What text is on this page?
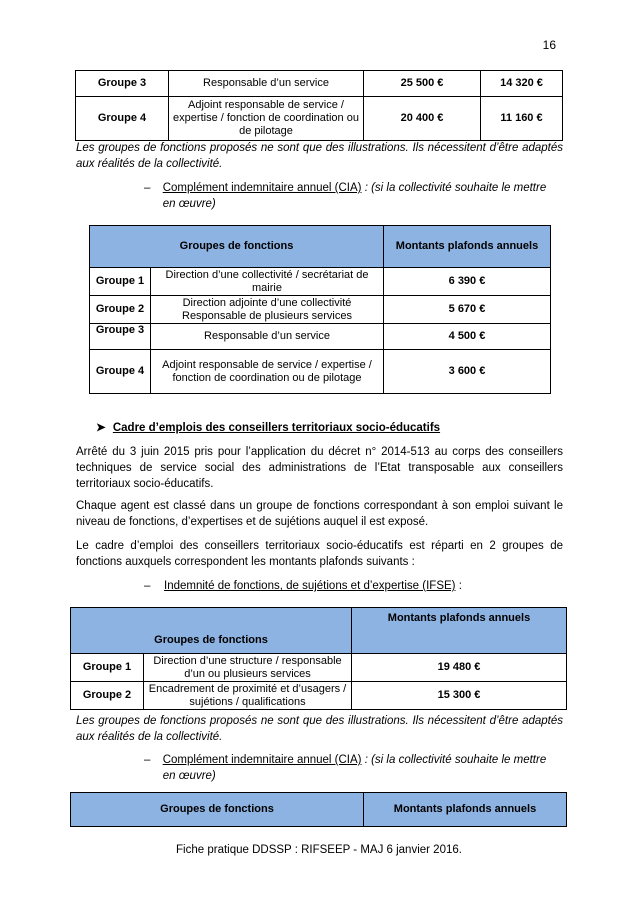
16
Groupe 3	Responsable d’un service	25 500 €	14 320 €
Groupe 4	Adjoint responsable de service / expertise / fonction de coordination ou de pilotage	20 400 €	11 160 €
Les groupes de fonctions proposés ne sont que des illustrations. Ils nécessitent d’être adaptés aux réalités de la collectivité.
–	Complément indemnitaire annuel (CIA) : (si la collectivité souhaite le mettre en œuvre)
Groupes de fonctions		Montants plafonds annuels
Groupe 1	Direction d’une collectivité / secrétariat de mairie	6 390 €
Groupe 2	Direction adjointe d’une collectivité Responsable de plusieurs services	5 670 €
Groupe 3	Responsable d’un service	4 500 €
Groupe 4	Adjoint responsable de service / expertise / fonction de coordination ou de pilotage	3 600 €
➤ Cadre d’emplois des conseillers territoriaux socio-éducatifs
Arrêté du 3 juin 2015 pris pour l’application du décret n° 2014-513 au corps des conseillers techniques de service social des administrations de l’Etat transposable aux conseillers territoriaux socio-éducatifs.
Chaque agent est classé dans un groupe de fonctions correspondant à son emploi suivant le niveau de fonctions, d’expertises et de sujétions auquel il est exposé.
Le cadre d’emploi des conseillers territoriaux socio-éducatifs est réparti en 2 groupes de fonctions auxquels correspondent les montants plafonds suivants :
–	Indemnité de fonctions, de sujétions et d’expertise (IFSE) :
Groupes de fonctions		Montants plafonds annuels
Groupe 1	Direction d’une structure / responsable d’un ou plusieurs services	19 480 €
Groupe 2	Encadrement de proximité et d’usagers / sujétions / qualifications	15 300 €
Les groupes de fonctions proposés ne sont que des illustrations. Ils nécessitent d’être adaptés aux réalités de la collectivité.
–	Complément indemnitaire annuel (CIA) : (si la collectivité souhaite le mettre en œuvre)
Groupes de fonctions	Montants plafonds annuels
Fiche pratique DDSSP : RIFSEEP - MAJ 6 janvier 2016.
